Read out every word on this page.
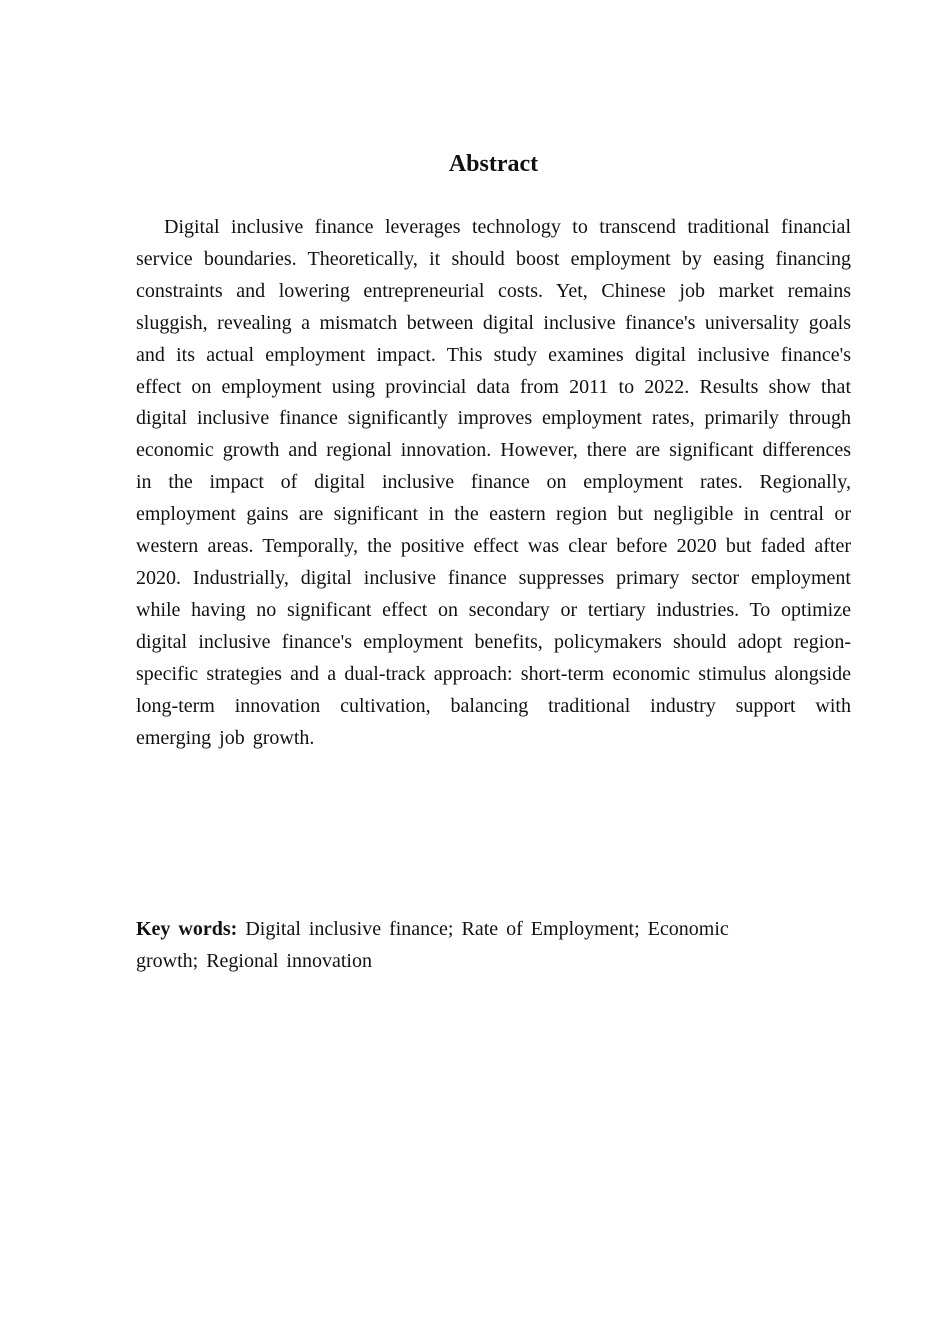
Abstract

Digital inclusive finance leverages technology to transcend traditional financial service boundaries. Theoretically, it should boost employment by easing financing constraints and lowering entrepreneurial costs. Yet, Chinese job market remains sluggish, revealing a mismatch between digital inclusive finance's universality goals and its actual employment impact. This study examines digital inclusive finance's effect on employment using provincial data from 2011 to 2022. Results show that digital inclusive finance significantly improves employment rates, primarily through economic growth and regional innovation. However, there are significant differences in the impact of digital inclusive finance on employment rates. Regionally, employment gains are significant in the eastern region but negligible in central or western areas. Temporally, the positive effect was clear before 2020 but faded after 2020. Industrially, digital inclusive finance suppresses primary sector employment while having no significant effect on secondary or tertiary industries. To optimize digital inclusive finance's employment benefits, policymakers should adopt region-specific strategies and a dual-track approach: short-term economic stimulus alongside long-term innovation cultivation, balancing traditional industry support with emerging job growth.

Key words: Digital inclusive finance; Rate of Employment; Economic growth; Regional innovation
